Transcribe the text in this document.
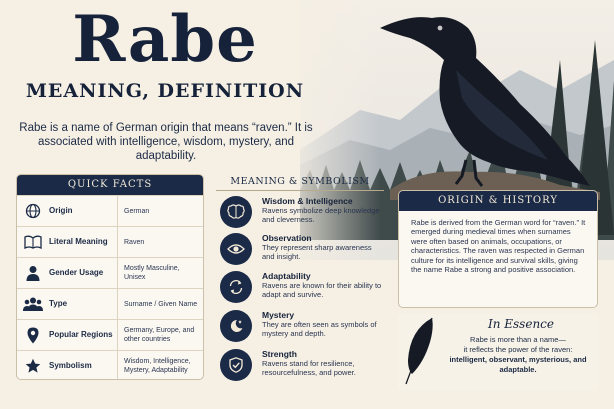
Rabe
MEANING, DEFINITION
Rabe is a name of German origin that means “raven.” It is associated with intelligence, wisdom, mystery, and adaptability.
QUICK FACTS
Origin	German
Literal Meaning	Raven
Gender Usage	Mostly Masculine, Unisex
Type	Surname / Given Name
Popular Regions	Germany, Europe, and other countries
Symbolism	Wisdom, Intelligence, Mystery, Adaptability
MEANING & SYMBOLISM
Wisdom & Intelligence
Ravens symbolize deep knowledge and cleverness.
Observation
They represent sharp awareness and insight.
Adaptability
Ravens are known for their ability to adapt and survive.
Mystery
They are often seen as symbols of mystery and depth.
Strength
Ravens stand for resilience, resourcefulness, and power.
ORIGIN & HISTORY
Rabe is derived from the German word for “raven.” It emerged during medieval times when surnames were often based on animals, occupations, or characteristics. The raven was respected in German culture for its intelligence and survival skills, giving the name Rabe a strong and positive association.
In Essence
Rabe is more than a name—
it reflects the power of the raven:
intelligent, observant, mysterious, and adaptable.
